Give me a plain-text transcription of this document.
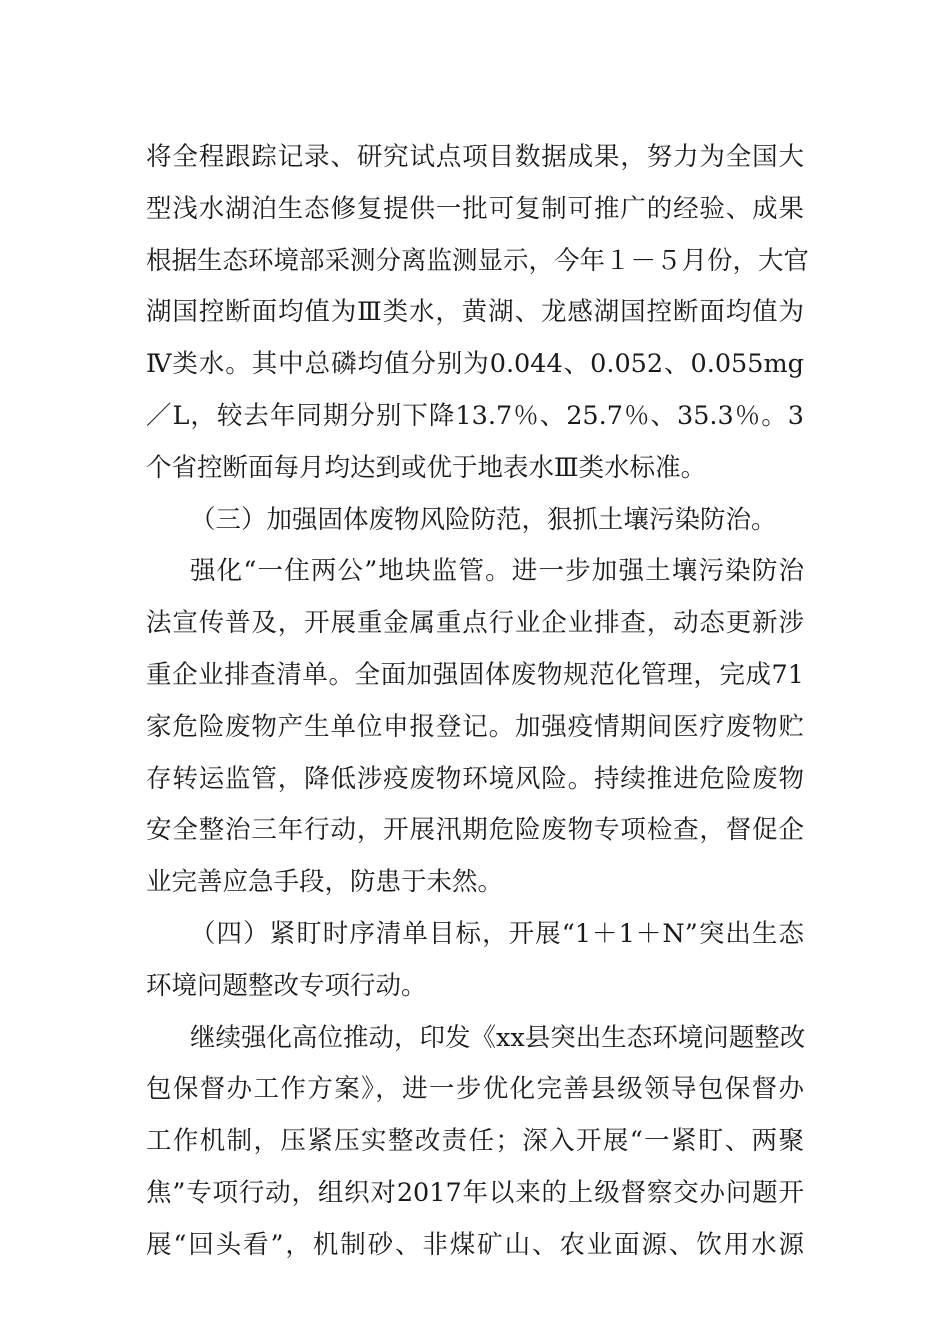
将全程跟踪记录、研究试点项目数据成果，努力为全国大
型浅水湖泊生态修复提供一批可复制可推广的经验、成果
根据生态环境部采测分离监测显示，今年１－５月份，大官
湖国控断面均值为Ⅲ类水，黄湖、龙感湖国控断面均值为
Ⅳ类水。其中总磷均值分别为0.044、0.052、0.055mg
／L，较去年同期分别下降13.7％、25.7％、35.3％。3
个省控断面每月均达到或优于地表水Ⅲ类水标准。
（三）加强固体废物风险防范，狠抓土壤污染防治。
强化“一住两公”地块监管。进一步加强土壤污染防治
法宣传普及，开展重金属重点行业企业排查，动态更新涉
重企业排查清单。全面加强固体废物规范化管理，完成71
家危险废物产生单位申报登记。加强疫情期间医疗废物贮
存转运监管，降低涉疫废物环境风险。持续推进危险废物
安全整治三年行动，开展汛期危险废物专项检查，督促企
业完善应急手段，防患于未然。
（四）紧盯时序清单目标，开展“1＋1＋N”突出生态
环境问题整改专项行动。
继续强化高位推动，印发《xx县突出生态环境问题整改
包保督办工作方案》，进一步优化完善县级领导包保督办
工作机制，压紧压实整改责任；深入开展“一紧盯、两聚
焦”专项行动，组织对2017年以来的上级督察交办问题开
展“回头看”，机制砂、非煤矿山、农业面源、饮用水源
